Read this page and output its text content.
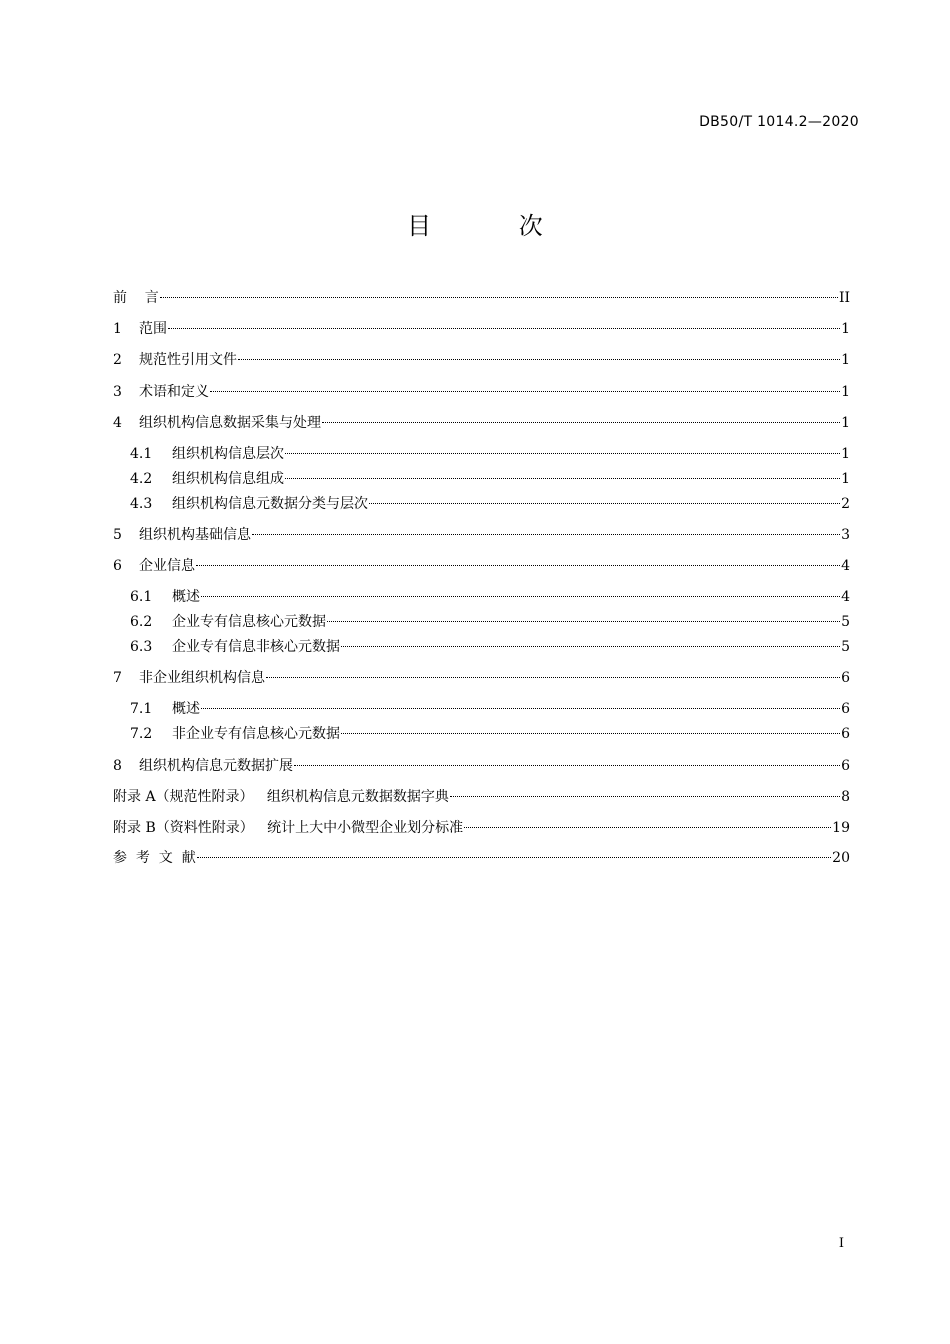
DB50/T 1014.2—2020
目 次
前    言	II
1	范围	1
2	规范性引用文件	1
3	术语和定义	1
4	组织机构信息数据采集与处理	1
4.1	组织机构信息层次	1
4.2	组织机构信息组成	1
4.3	组织机构信息元数据分类与层次	2
5	组织机构基础信息	3
6	企业信息	4
6.1	概述	4
6.2	企业专有信息核心元数据	5
6.3	企业专有信息非核心元数据	5
7	非企业组织机构信息	6
7.1	概述	6
7.2	非企业专有信息核心元数据	6
8	组织机构信息元数据扩展	6
附录 A（规范性附录）   组织机构信息元数据数据字典	8
附录 B（资料性附录）   统计上大中小微型企业划分标准	19
参  考  文  献	20
I
